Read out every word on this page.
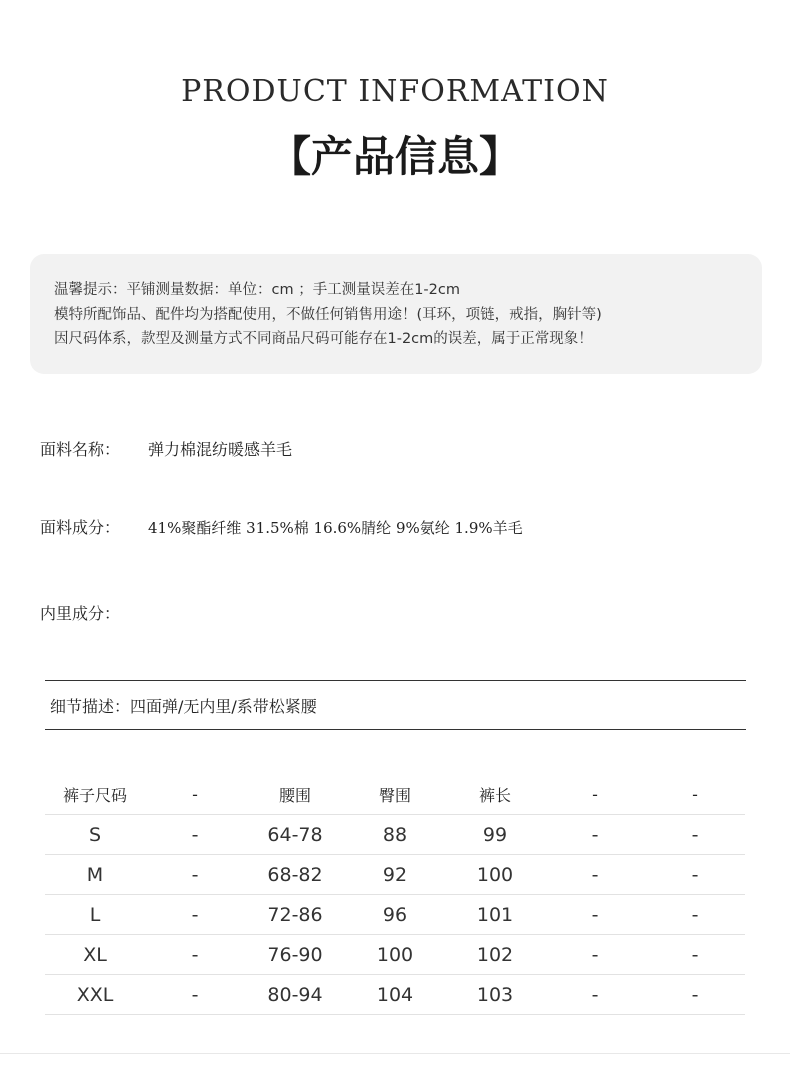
PRODUCT INFORMATION
【产品信息】
温馨提示：平铺测量数据：单位：cm ；手工测量误差在1-2cm
模特所配饰品、配件均为搭配使用，不做任何销售用途！(耳环，项链，戒指，胸针等)
因尺码体系，款型及测量方式不同商品尺码可能存在1-2cm的误差，属于正常现象！
面料名称： 弹力棉混纺暖感羊毛
面料成分： 41%聚酯纤维 31.5%棉 16.6%腈纶 9%氨纶 1.9%羊毛
内里成分：
细节描述：四面弹/无内里/系带松紧腰
裤子尺码	-	腰围	臀围	裤长	-	-
S	-	64-78	88	99	-	-
M	-	68-82	92	100	-	-
L	-	72-86	96	101	-	-
XL	-	76-90	100	102	-	-
XXL	-	80-94	104	103	-	-
